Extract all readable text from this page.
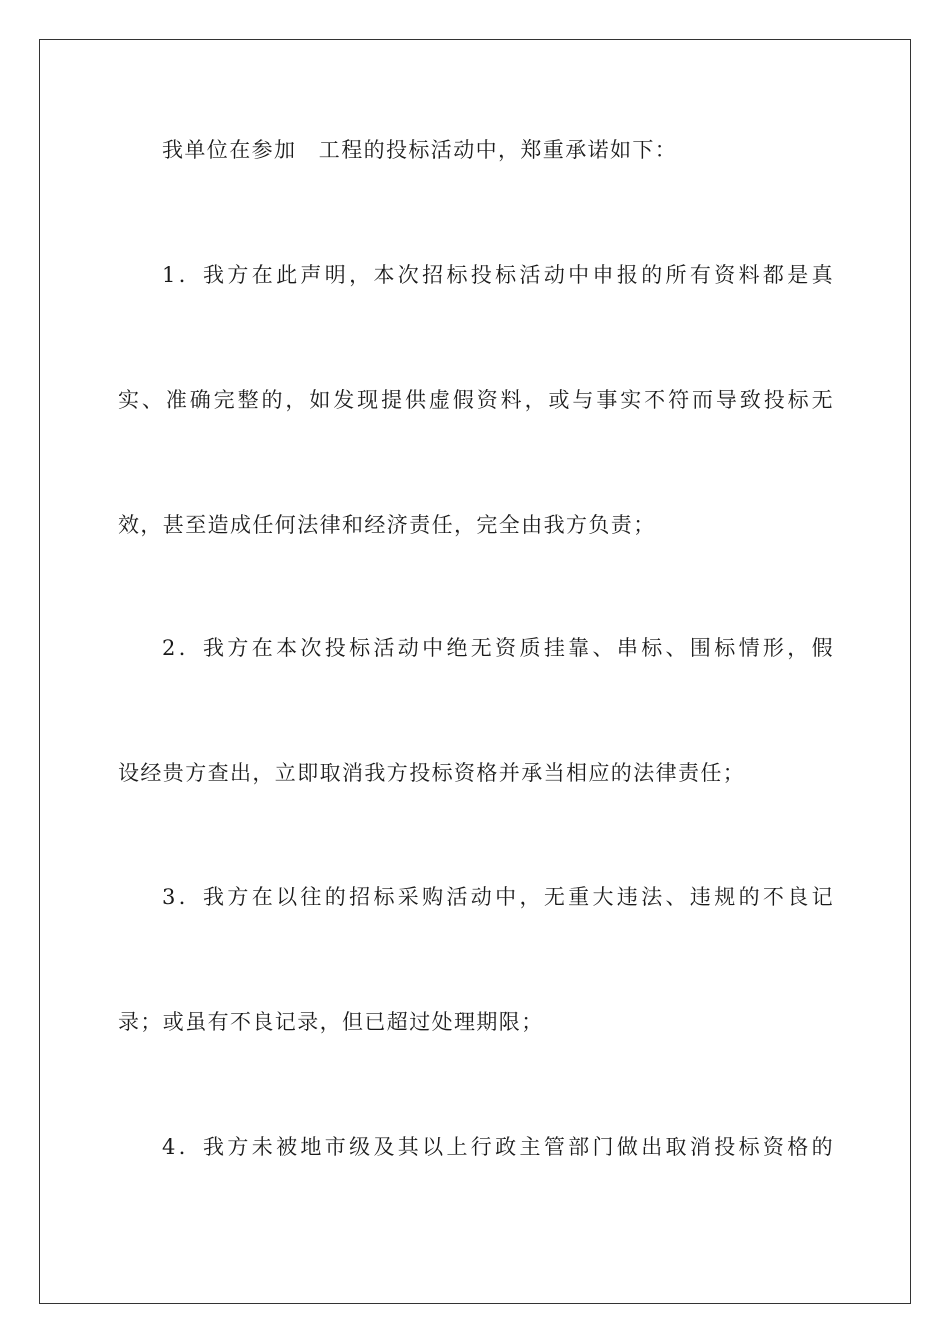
我单位在参加　工程的投标活动中，郑重承诺如下：

1．我方在此声明，本次招标投标活动中申报的所有资料都是真

实、准确完整的，如发现提供虚假资料，或与事实不符而导致投标无

效，甚至造成任何法律和经济责任，完全由我方负责；

2．我方在本次投标活动中绝无资质挂靠、串标、围标情形，假

设经贵方查出，立即取消我方投标资格并承当相应的法律责任；

3．我方在以往的招标采购活动中，无重大违法、违规的不良记

录；或虽有不良记录，但已超过处理期限；

4．我方未被地市级及其以上行政主管部门做出取消投标资格的
